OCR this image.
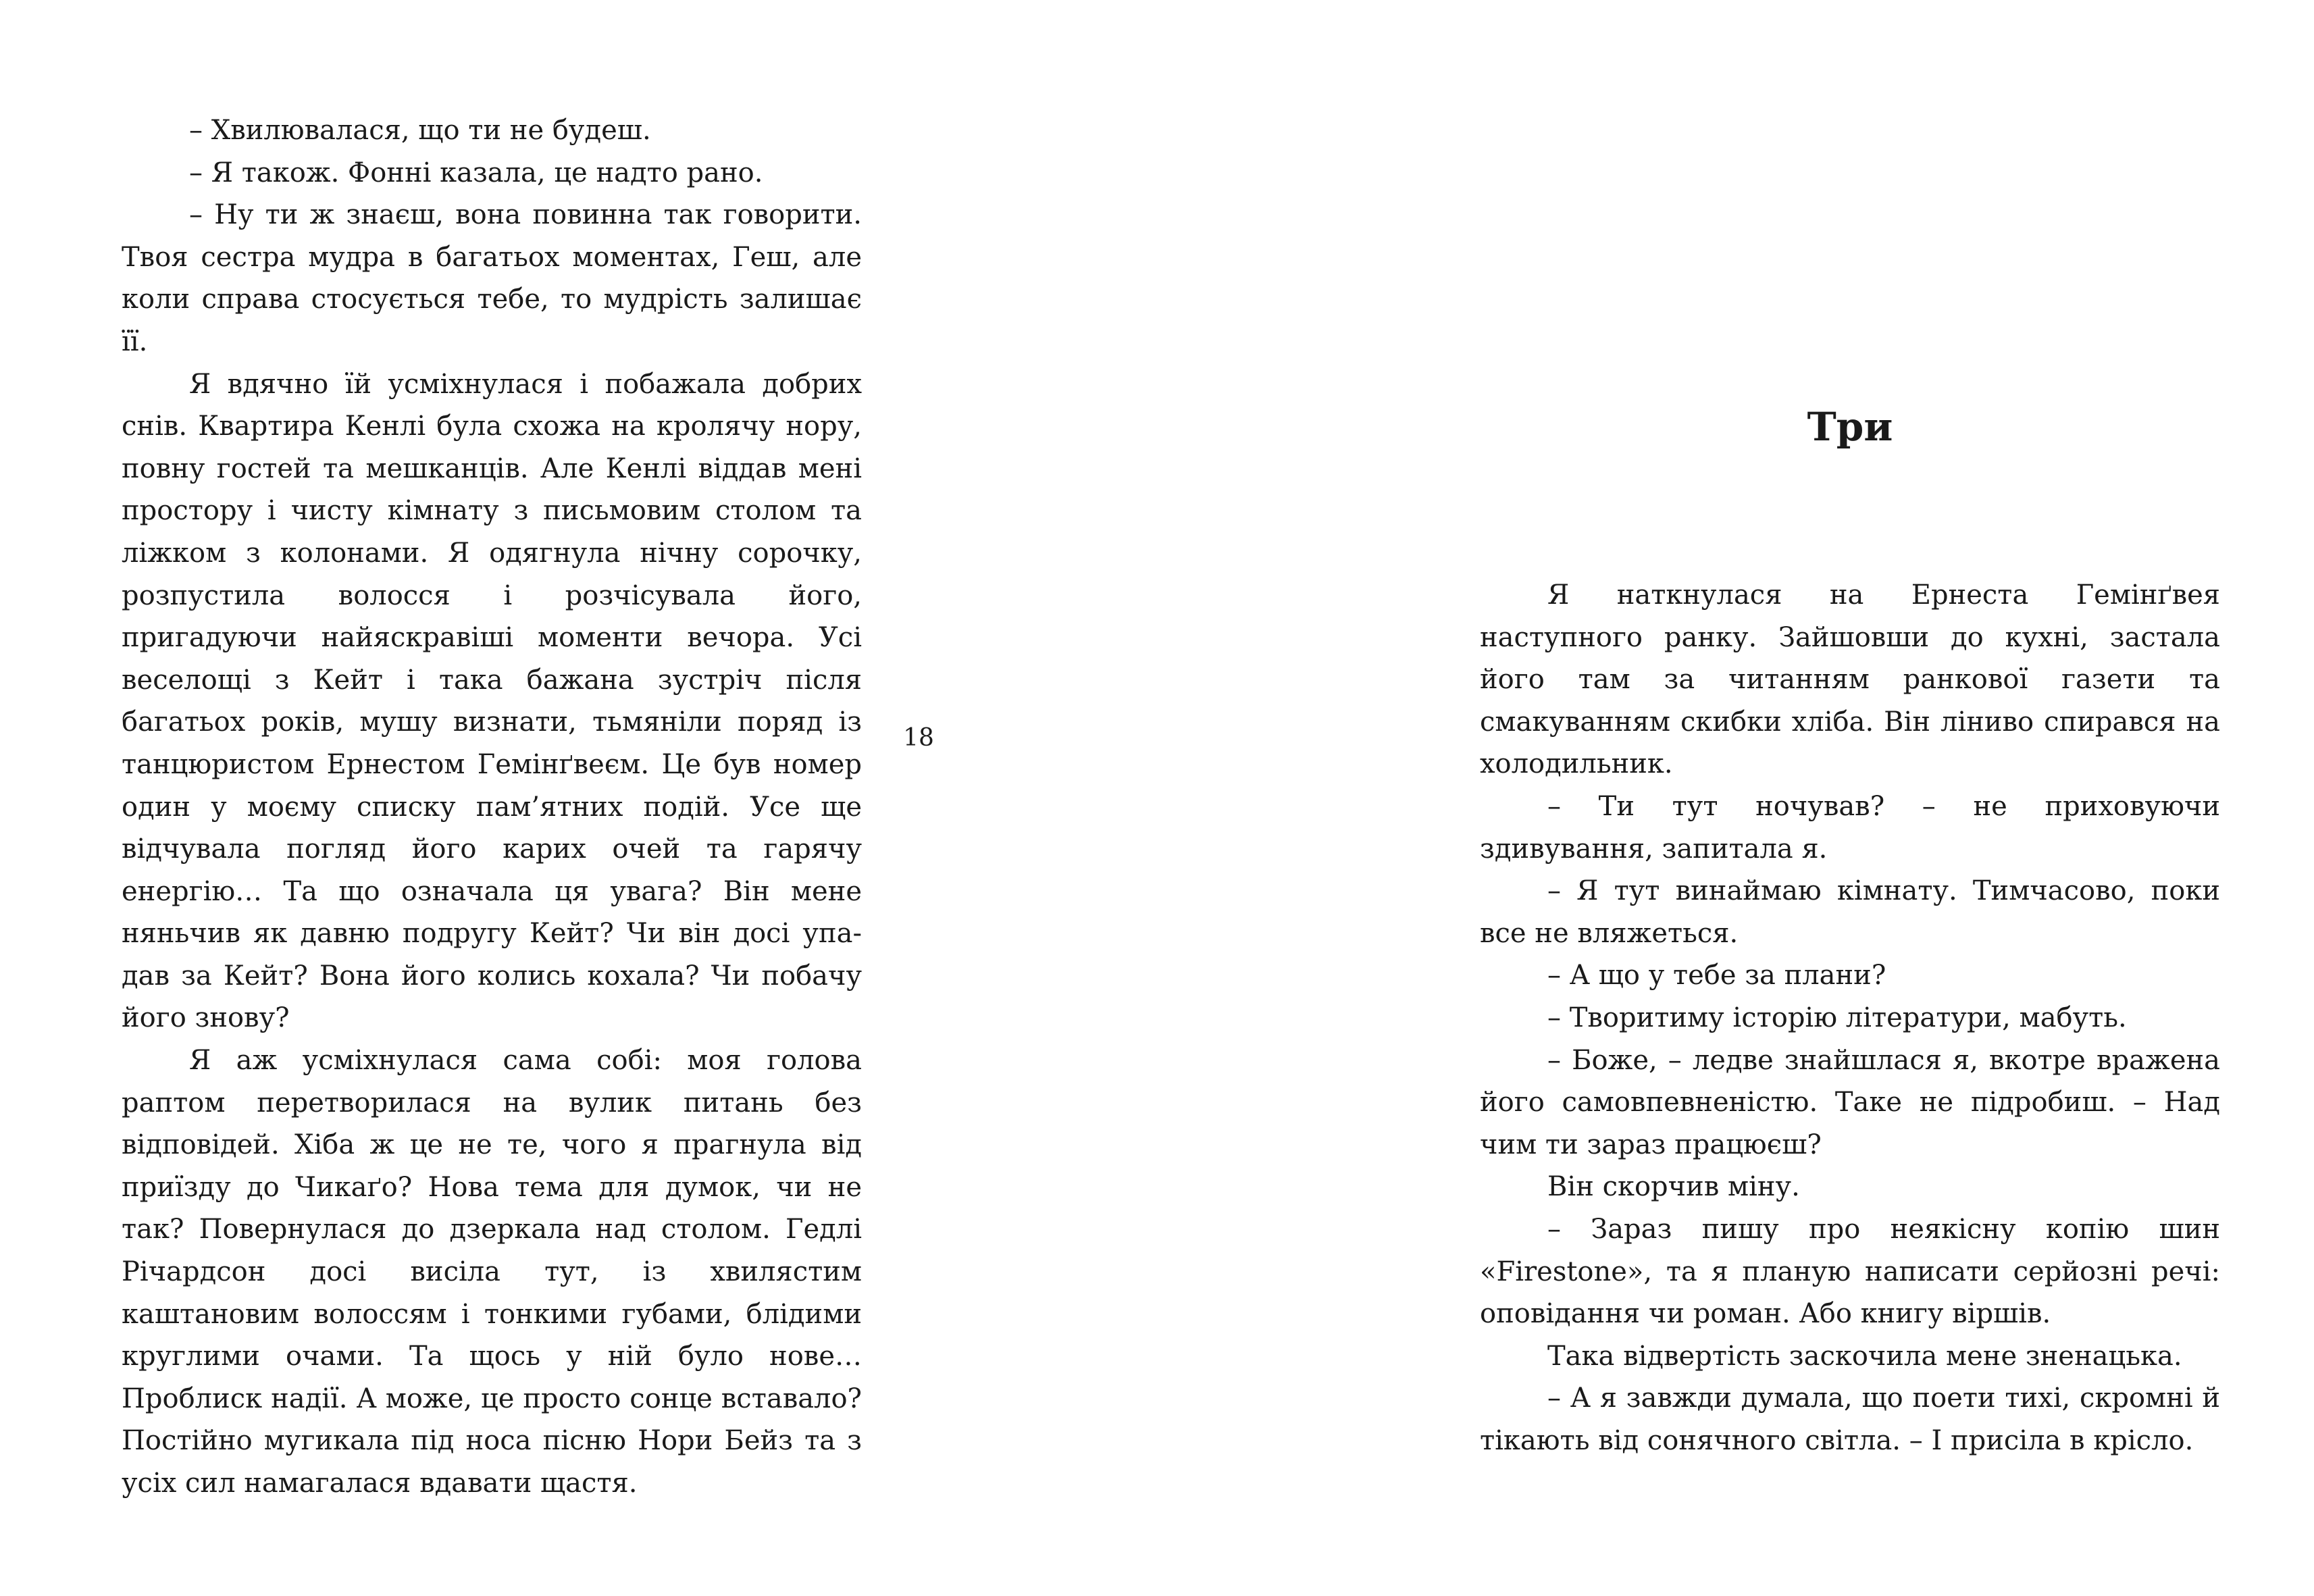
– Хвилювалася, що ти не будеш.

– Я також. Фонні казала, це надто рано.

– Ну ти ж знаєш, вона повинна так говорити. Твоя сестра мудра в багатьох моментах, Геш, але коли справа стосується тебе, то мудрість залишає її.

Я вдячно їй усміхнулася і побажала добрих снів. Квартира Кенлі була схожа на кролячу нору, повну гостей та мешканців. Але Кенлі віддав мені простору і чисту кімнату з письмовим столом та ліжком з колонами. Я одягнула нічну сорочку, розпустила волосся і розчісувала його, пригадуючи найяскравіші моменти вечора. Усі веселощі з Кейт і така бажана зустріч після багатьох років, мушу визнати, тьмяніли поряд із танцюристом Ернестом Гемінґвеєм. Це був номер один у моєму списку пам’ятних подій. Усе ще відчувала погляд його карих очей та гарячу енергію… Та що означала ця увага? Він мене няньчив як давню подругу Кейт? Чи він досі упадав за Кейт? Вона його колись кохала? Чи побачу його знову?

Я аж усміхнулася сама собі: моя голова раптом перетворилася на вулик питань без відповідей. Хіба ж це не те, чого я прагнула від приїзду до Чикаґо? Нова тема для думок, чи не так? Повернулася до дзеркала над столом. Гедлі Річардсон досі висіла тут, із хвилястим каштановим волоссям і тонкими губами, блідими круглими очами. Та щось у ній було нове… Проблиск надії. А може, це просто сонце вставало? Постійно мугикала під носа пісню Нори Бейз та з усіх сил намагалася вдавати щастя.

18
Три

Я наткнулася на Ернеста Гемінґвея наступного ранку. Зайшовши до кухні, застала його там за читанням ранкової газети та смакуванням скибки хліба. Він ліниво спирався на холодильник.

– Ти тут ночував? – не приховуючи здивування, запитала я.

– Я тут винаймаю кімнату. Тимчасово, поки все не вляжеться.

– А що у тебе за плани?

– Творитиму історію літератури, мабуть.

– Боже, – ледве знайшлася я, вкотре вражена його самовпевненістю. Таке не підробиш. – Над чим ти зараз працюєш?

Він скорчив міну.

– Зараз пишу про неякісну копію шин «Firestone», та я планую написати серйозні речі: оповідання чи роман. Або книгу віршів.

Така відвертість заскочила мене зненацька.

– А я завжди думала, що поети тихі, скромні й тікають від сонячного світла. – І присіла в крісло.
